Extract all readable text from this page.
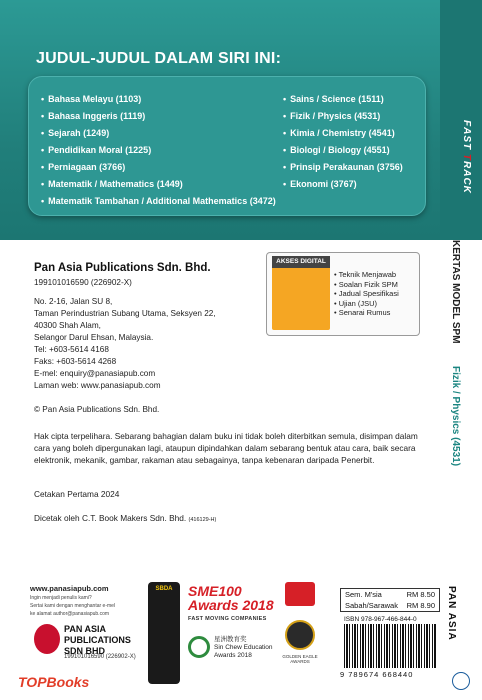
JUDUL-JUDUL DALAM SIRI INI:
• Bahasa Melayu (1103)
• Bahasa Inggeris (1119)
• Sejarah (1249)
• Pendidikan Moral (1225)
• Perniagaan (3766)
• Matematik / Mathematics (1449)
• Matematik Tambahan / Additional Mathematics (3472)
• Sains / Science (1511)
• Fizik / Physics (4531)
• Kimia / Chemistry (4541)
• Biologi / Biology (4551)
• Prinsip Perakaunan (3756)
• Ekonomi (3767)
FAST TRACK
KERTAS MODEL SPM
Fizik / Physics (4531)
Pan Asia Publications Sdn. Bhd.
199101016590 (226902-X)
No. 2-16, Jalan SU 8,
Taman Perindustrian Subang Utama, Seksyen 22,
40300 Shah Alam,
Selangor Darul Ehsan, Malaysia.
Tel: +603-5614 4168
Faks: +603-5614 4268
E-mel: enquiry@panasiapub.com
Laman web: www.panasiapub.com
© Pan Asia Publications Sdn. Bhd.
AKSES DIGITAL
• Teknik Menjawab
• Soalan Fizik SPM
• Jadual Spesifikasi
• Ujian (JSU)
• Senarai Rumus
Hak cipta terpelihara. Sebarang bahagian dalam buku ini tidak boleh diterbitkan semula, disimpan dalam cara yang boleh dipergunakan lagi, ataupun dipindahkan dalam sebarang bentuk atau cara, baik secara elektronik, mekanik, gambar, rakaman atau sebagainya, tanpa kebenaran daripada Penerbit.
Cetakan Pertama 2024
Dicetak oleh C.T. Book Makers Sdn. Bhd. (416129-H)
www.panasiapub.com
Ingin menjadi penulis kami?
Sertai kami dengan menghantar e-mel
ke alamat author@panasiapub.com
PAN ASIA
PUBLICATIONS
SDN BHD
199101016590 (226902-X)
TOPBooks
SBDA	SME100
Awards 2018
FAST MOVING COMPANIES
星洲教育奖
Sin Chew Education
Awards 2018	GOLDEN EAGLE AWARDS
Sem. M'sia	RM 8.50
Sabah/Sarawak RM 8.90
ISBN 978-967-466-844-0
9 789674 668440
PAN ASIA
